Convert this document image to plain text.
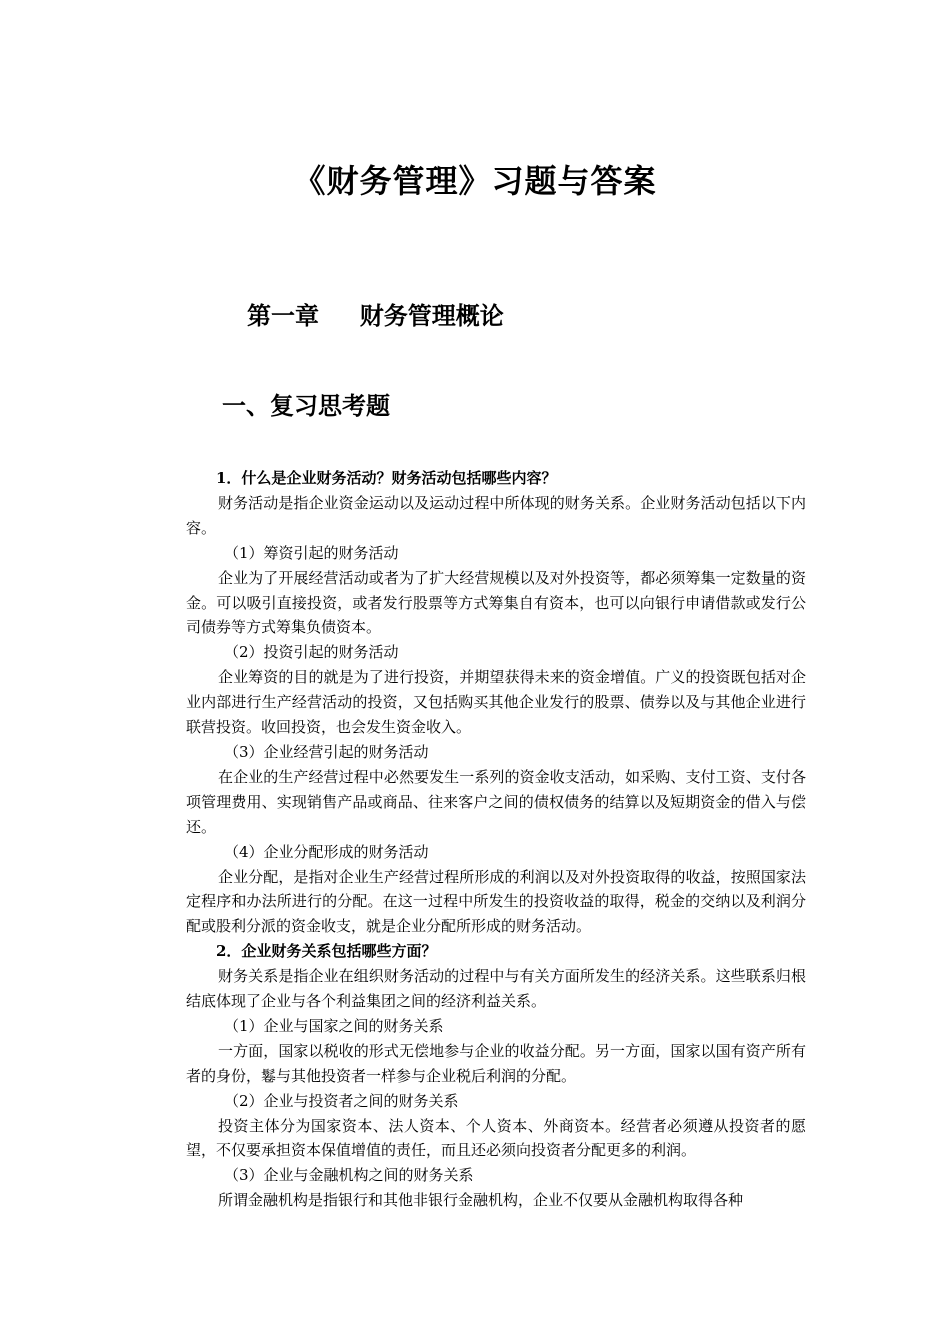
《财务管理》习题与答案
第一章　  财务管理概论
一、复习思考题

1．什么是企业财务活动？财务活动包括哪些内容？

财务活动是指企业资金运动以及运动过程中所体现的财务关系。企业财务活动包括以下内容。

（1）筹资引起的财务活动

企业为了开展经营活动或者为了扩大经营规模以及对外投资等，都必须筹集一定数量的资金。可以吸引直接投资，或者发行股票等方式筹集自有资本，也可以向银行申请借款或发行公司债券等方式筹集负债资本。

（2）投资引起的财务活动

企业筹资的目的就是为了进行投资，并期望获得未来的资金增值。广义的投资既包括对企业内部进行生产经营活动的投资，又包括购买其他企业发行的股票、债券以及与其他企业进行联营投资。收回投资，也会发生资金收入。

（3）企业经营引起的财务活动

在企业的生产经营过程中必然要发生一系列的资金收支活动，如采购、支付工资、支付各项管理费用、实现销售产品或商品、往来客户之间的债权债务的结算以及短期资金的借入与偿还。

（4）企业分配形成的财务活动

企业分配，是指对企业生产经营过程所形成的利润以及对外投资取得的收益，按照国家法定程序和办法所进行的分配。在这一过程中所发生的投资收益的取得，税金的交纳以及利润分配或股利分派的资金收支，就是企业分配所形成的财务活动。

2．企业财务关系包括哪些方面？

财务关系是指企业在组织财务活动的过程中与有关方面所发生的经济关系。这些联系归根结底体现了企业与各个利益集团之间的经济利益关系。

（1）企业与国家之间的财务关系

一方面，国家以税收的形式无偿地参与企业的收益分配。另一方面，国家以国有资产所有者的身份，鬈与其他投资者一样参与企业税后利润的分配。

（2）企业与投资者之间的财务关系

投资主体分为国家资本、法人资本、个人资本、外商资本。经营者必须遵从投资者的愿望，不仅要承担资本保值增值的责任，而且还必须向投资者分配更多的利润。

（3）企业与金融机构之间的财务关系

所谓金融机构是指银行和其他非银行金融机构，企业不仅要从金融机构取得各种
